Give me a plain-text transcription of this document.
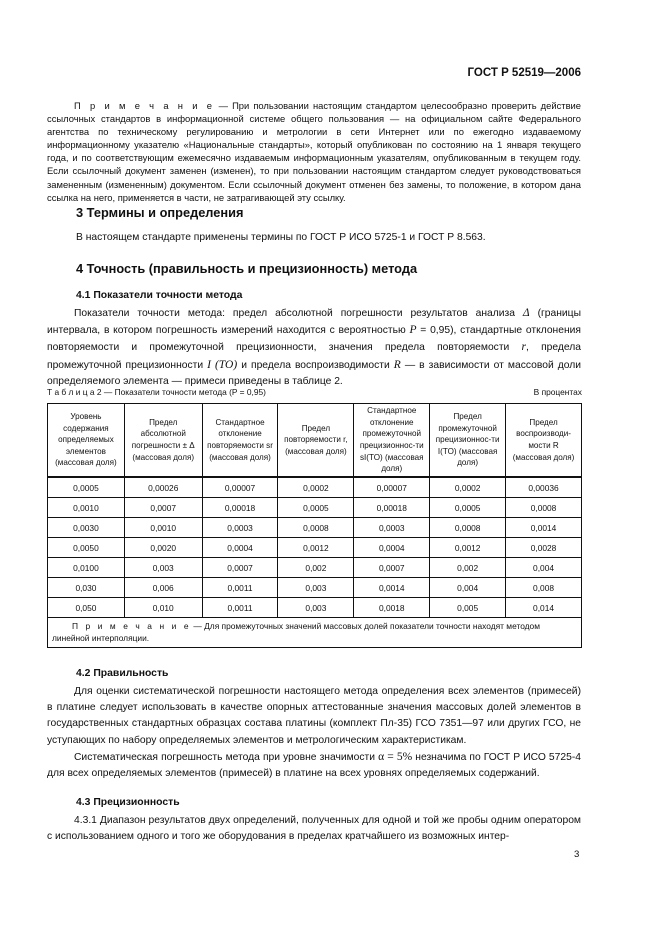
ГОСТ Р 52519—2006
П р и м е ч а н и е — При пользовании настоящим стандартом целесообразно проверить действие ссылочных стандартов в информационной системе общего пользования — на официальном сайте Федерального агентства по техническому регулированию и метрологии в сети Интернет или по ежегодно издаваемому информационному указателю «Национальные стандарты», который опубликован по состоянию на 1 января текущего года, и по соответствующим ежемесячно издаваемым информационным указателям, опубликованным в текущем году. Если ссылочный документ заменен (изменен), то при пользовании настоящим стандартом следует руководствоваться замененным (измененным) документом. Если ссылочный документ отменен без замены, то положение, в котором дана ссылка на него, применяется в части, не затрагивающей эту ссылку.
3 Термины и определения
В настоящем стандарте применены термины по ГОСТ Р ИСО 5725-1 и ГОСТ Р 8.563.
4 Точность (правильность и прецизионность) метода
4.1 Показатели точности метода
Показатели точности метода: предел абсолютной погрешности результатов анализа Δ (границы интервала, в котором погрешность измерений находится с вероятностью P = 0,95), стандартные отклонения повторяемости и промежуточной прецизионности, значения предела повторяемости r, предела промежуточной прецизионности I (TO) и предела воспроизводимости R — в зависимости от массовой доли определяемого элемента — примеси приведены в таблице 2.
Т а б л и ц а 2 — Показатели точности метода (P = 0,95)	В процентах
Уровень содержания определяемых элементов (массовая доля)	Предел абсолютной погрешности ± Δ (массовая доля)	Стандартное отклонение повторяемости sr (массовая доля)	Предел повторяемости r, (массовая доля)	Стандартное отклонение промежуточной прецизионнос-ти sI(TO) (массовая доля)	Предел промежуточной прецизионнос-ти I(TO) (массовая доля)	Предел воспроизводи-мости R (массовая доля)
0,0005	0,00026	0,00007	0,0002	0,00007	0,0002	0,00036
0,0010	0,0007	0,00018	0,0005	0,00018	0,0005	0,0008
0,0030	0,0010	0,0003	0,0008	0,0003	0,0008	0,0014
0,0050	0,0020	0,0004	0,0012	0,0004	0,0012	0,0028
0,0100	0,003	0,0007	0,002	0,0007	0,002	0,004
0,030	0,006	0,0011	0,003	0,0014	0,004	0,008
0,050	0,010	0,0011	0,003	0,0018	0,005	0,014
П р и м е ч а н и е — Для промежуточных значений массовых долей показатели точности находят методом линейной интерполяции.						
4.2 Правильность

Для оценки систематической погрешности настоящего метода определения всех элементов (примесей) в платине следует использовать в качестве опорных аттестованные значения массовых долей элементов в государственных стандартных образцах состава платины (комплект Пл-35) ГСО 7351—97 или других ГСО, не уступающих по набору определяемых элементов и метрологическим характеристикам.

Систематическая погрешность метода при уровне значимости α = 5% незначима по ГОСТ Р ИСО 5725-4 для всех определяемых элементов (примесей) в платине на всех уровнях определяемых содержаний.

4.3 Прецизионность
4.3.1 Диапазон результатов двух определений, полученных для одной и той же пробы одним оператором с использованием одного и того же оборудования в пределах кратчайшего из возможных интер-
3
